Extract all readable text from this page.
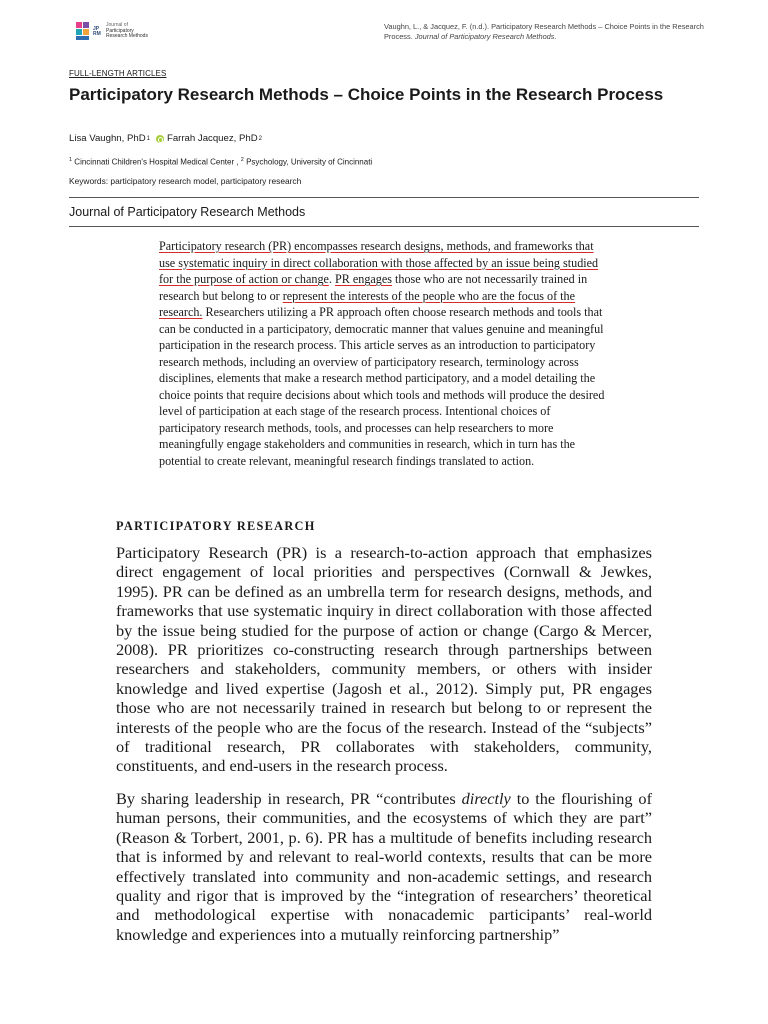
JP RM
Journal of
Participatory
Research Methods
Vaughn, L., & Jacquez, F. (n.d.). Participatory Research Methods – Choice Points in the Research Process. Journal of Participatory Research Methods.
FULL-LENGTH ARTICLES
Participatory Research Methods – Choice Points in the Research Process
Lisa Vaughn, PhD 1 Farrah Jacquez, PhD 2
$^1$ Cincinnati Children's Hospital Medical Center , $^2$ Psychology, University of Cincinnati
Keywords: participatory research model, participatory research
Journal of Participatory Research Methods
Participatory research (PR) encompasses research designs, methods, and frameworks that use systematic inquiry in direct collaboration with those affected by an issue being studied for the purpose of action or change. PR engages those who are not necessarily trained in research but belong to or represent the interests of the people who are the focus of the research. Researchers utilizing a PR approach often choose research methods and tools that can be conducted in a participatory, democratic manner that values genuine and meaningful participation in the research process. This article serves as an introduction to participatory research methods, including an overview of participatory research, terminology across disciplines, elements that make a research method participatory, and a model detailing the choice points that require decisions about which tools and methods will produce the desired level of participation at each stage of the research process. Intentional choices of participatory research methods, tools, and processes can help researchers to more meaningfully engage stakeholders and communities in research, which in turn has the potential to create relevant, meaningful research findings translated to action.
PARTICIPATORY RESEARCH
Participatory Research (PR) is a research-to-action approach that emphasizes direct engagement of local priorities and perspectives (Cornwall & Jewkes, 1995). PR can be defined as an umbrella term for research designs, methods, and frameworks that use systematic inquiry in direct collaboration with those affected by the issue being studied for the purpose of action or change (Cargo & Mercer, 2008). PR prioritizes co-constructing research through partnerships between researchers and stakeholders, community members, or others with insider knowledge and lived expertise (Jagosh et al., 2012). Simply put, PR engages those who are not necessarily trained in research but belong to or represent the interests of the people who are the focus of the research. Instead of the “subjects” of traditional research, PR collaborates with stakeholders, community, constituents, and end-users in the research process.
By sharing leadership in research, PR “contributes directly to the flourishing of human persons, their communities, and the ecosystems of which they are part” (Reason & Torbert, 2001, p. 6). PR has a multitude of benefits including research that is informed by and relevant to real-world contexts, results that can be more effectively translated into community and non-academic settings, and research quality and rigor that is improved by the “integration of researchers’ theoretical and methodological expertise with nonacademic participants’ real-world knowledge and experiences into a mutually reinforcing partnership”
